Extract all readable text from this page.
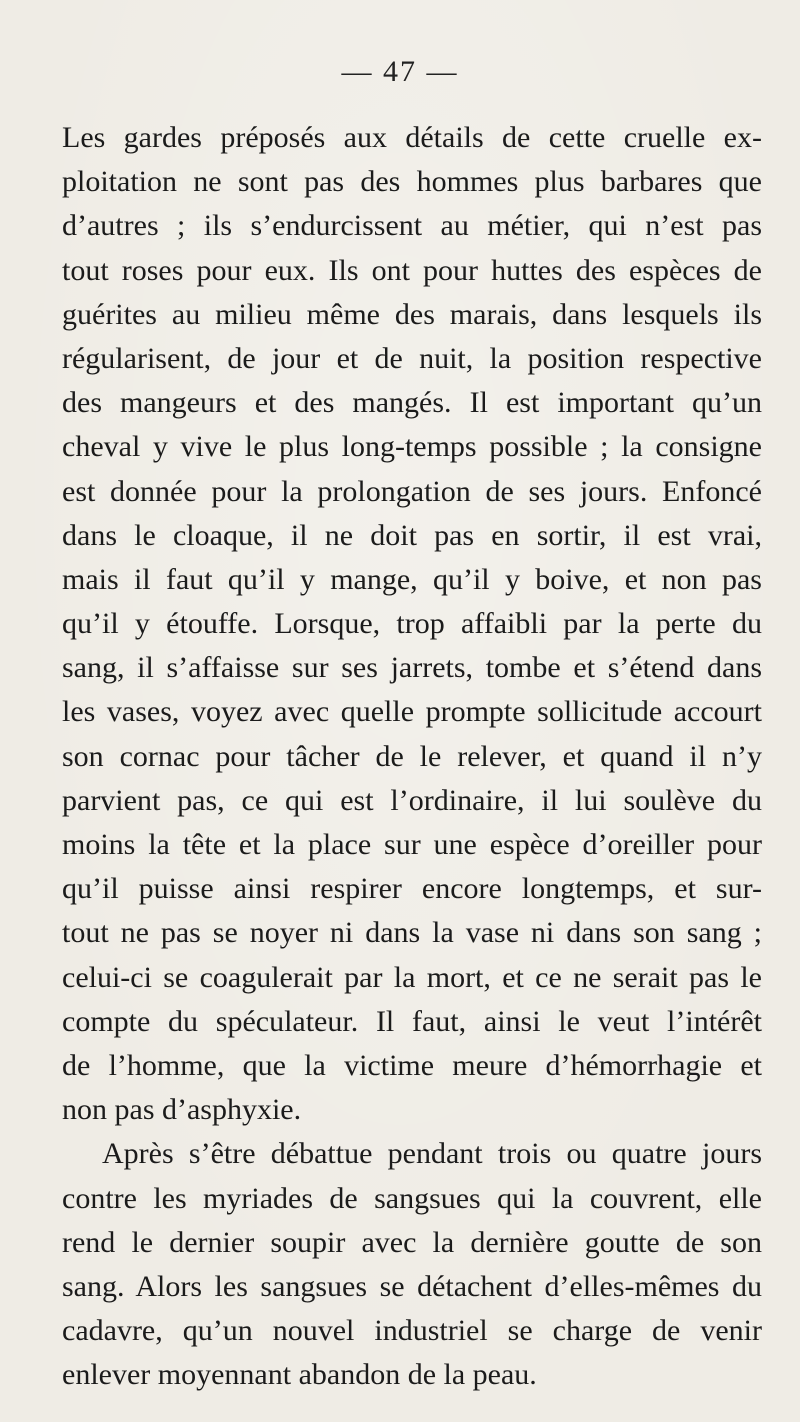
— 47 —
Les gardes préposés aux détails de cette cruelle ex-
ploitation ne sont pas des hommes plus barbares que
d’autres ; ils s’endurcissent au métier, qui n’est pas
tout roses pour eux. Ils ont pour huttes des espèces de
guérites au milieu même des marais, dans lesquels ils
régularisent, de jour et de nuit, la position respective
des mangeurs et des mangés. Il est important qu’un
cheval y vive le plus long-temps possible ; la consigne
est donnée pour la prolongation de ses jours. Enfoncé
dans le cloaque, il ne doit pas en sortir, il est vrai,
mais il faut qu’il y mange, qu’il y boive, et non pas
qu’il y étouffe. Lorsque, trop affaibli par la perte du
sang, il s’affaisse sur ses jarrets, tombe et s’étend dans
les vases, voyez avec quelle prompte sollicitude accourt
son cornac pour tâcher de le relever, et quand il n’y
parvient pas, ce qui est l’ordinaire, il lui soulève du
moins la tête et la place sur une espèce d’oreiller pour
qu’il puisse ainsi respirer encore longtemps, et sur-
tout ne pas se noyer ni dans la vase ni dans son sang ;
celui-ci se coagulerait par la mort, et ce ne serait pas le
compte du spéculateur. Il faut, ainsi le veut l’intérêt
de l’homme, que la victime meure d’hémorrhagie et
non pas d’asphyxie.
Après s’être débattue pendant trois ou quatre jours
contre les myriades de sangsues qui la couvrent, elle
rend le dernier soupir avec la dernière goutte de son
sang. Alors les sangsues se détachent d’elles-mêmes du
cadavre, qu’un nouvel industriel se charge de venir
enlever moyennant abandon de la peau.
